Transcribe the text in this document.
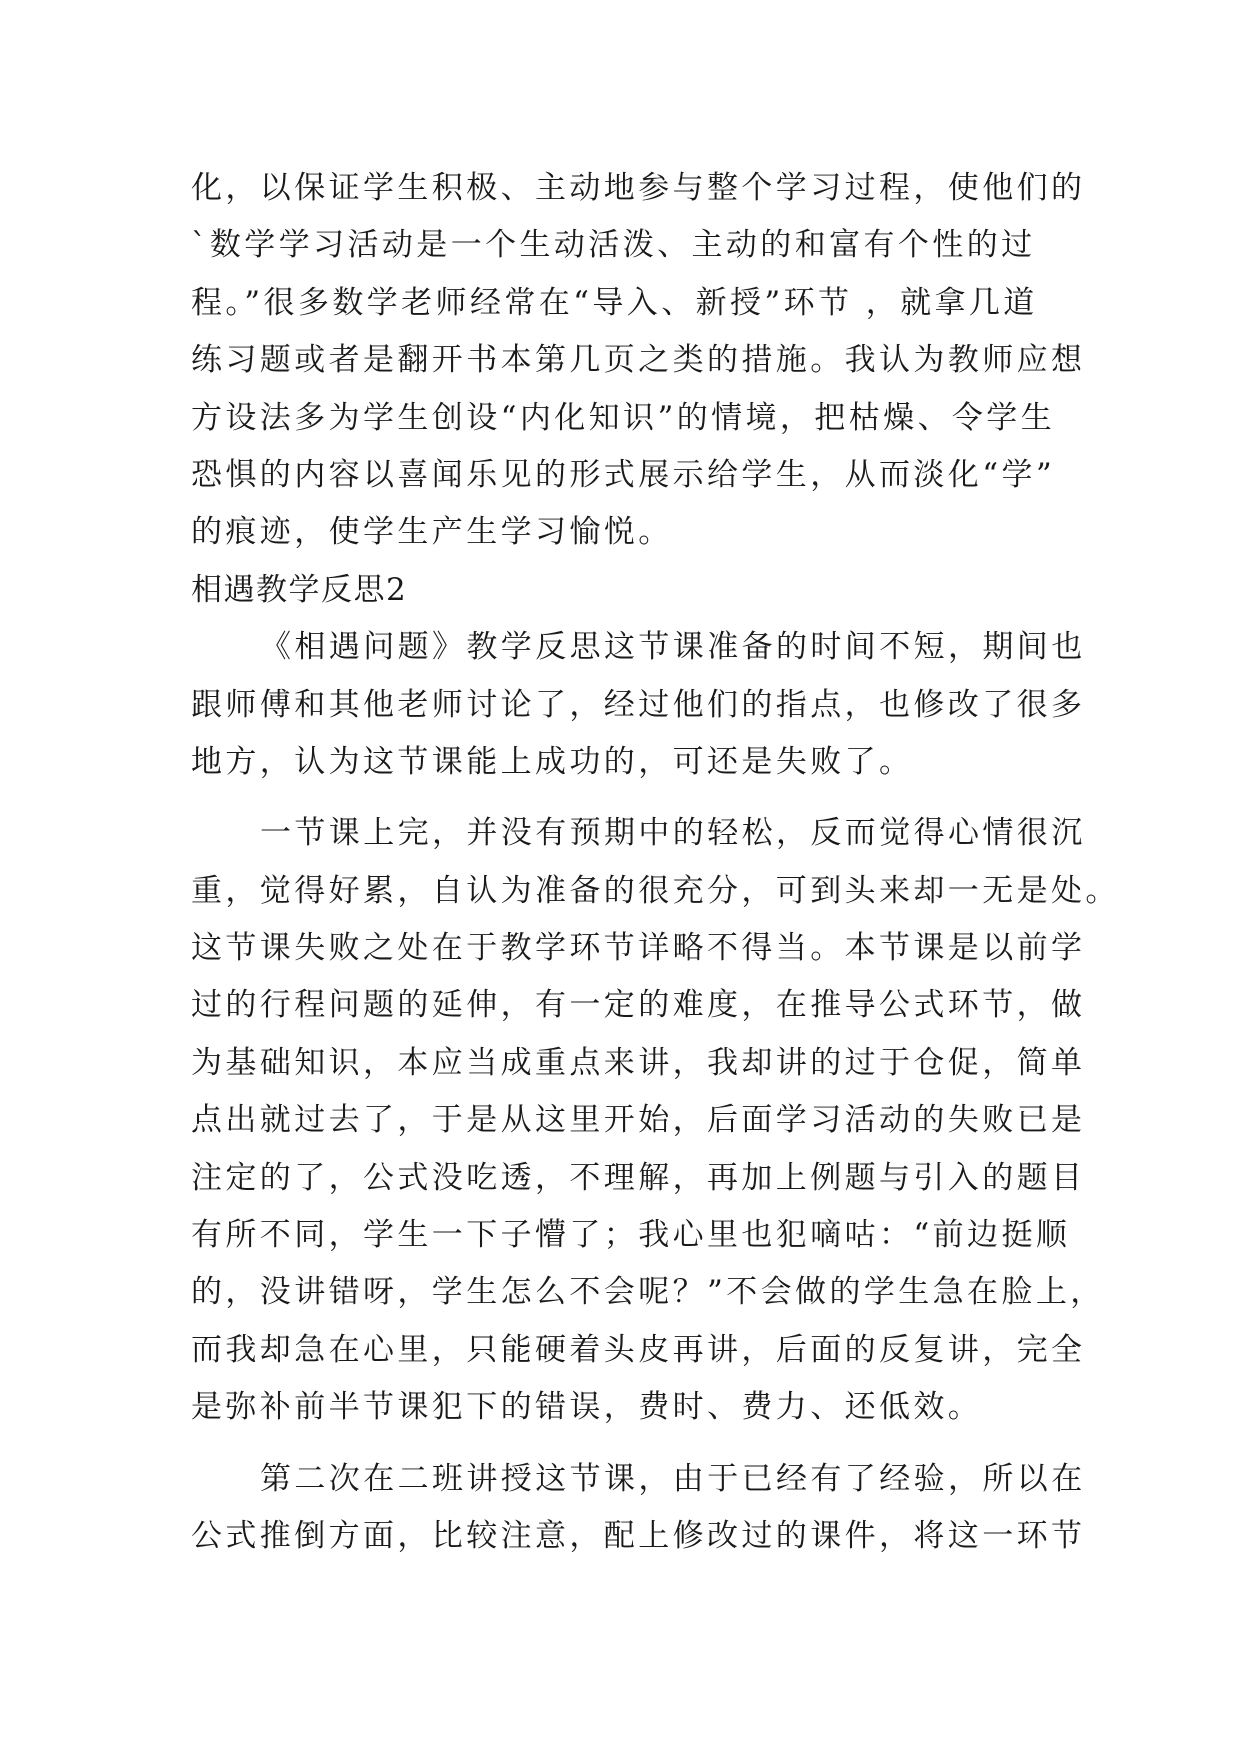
化，以保证学生积极、主动地参与整个学习过程，使他们的
`数学学习活动是一个生动活泼、主动的和富有个性的过
程。”很多数学老师经常在“导入、新授”环节 ，就拿几道
练习题或者是翻开书本第几页之类的措施。我认为教师应想
方设法多为学生创设“内化知识”的情境，把枯燥、令学生
恐惧的内容以喜闻乐见的形式展示给学生，从而淡化“学”
的痕迹，使学生产生学习愉悦。
相遇教学反思2
《相遇问题》教学反思这节课准备的时间不短，期间也
跟师傅和其他老师讨论了，经过他们的指点，也修改了很多
地方，认为这节课能上成功的，可还是失败了。
一节课上完，并没有预期中的轻松，反而觉得心情很沉
重，觉得好累，自认为准备的很充分，可到头来却一无是处。
这节课失败之处在于教学环节详略不得当。本节课是以前学
过的行程问题的延伸，有一定的难度，在推导公式环节，做
为基础知识，本应当成重点来讲，我却讲的过于仓促，简单
点出就过去了，于是从这里开始，后面学习活动的失败已是
注定的了，公式没吃透，不理解，再加上例题与引入的题目
有所不同，学生一下子懵了；我心里也犯嘀咕：“前边挺顺
的，没讲错呀，学生怎么不会呢？”不会做的学生急在脸上，
而我却急在心里，只能硬着头皮再讲，后面的反复讲，完全
是弥补前半节课犯下的错误，费时、费力、还低效。
第二次在二班讲授这节课，由于已经有了经验，所以在
公式推倒方面，比较注意，配上修改过的课件，将这一环节
